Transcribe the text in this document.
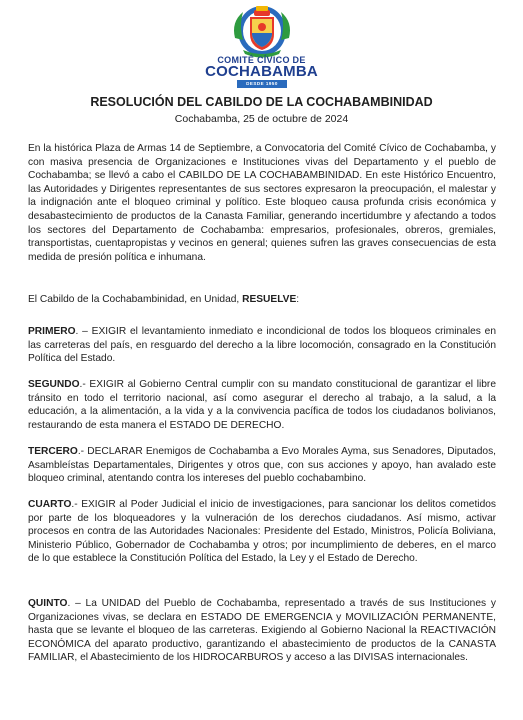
COMITÉ CÍVICO DE
COCHABAMBA
DESDE 1950
RESOLUCIÓN DEL CABILDO DE LA COCHABAMBINIDAD
Cochabamba, 25 de octubre de 2024

En la histórica Plaza de Armas 14 de Septiembre, a Convocatoria del Comité Cívico de Cochabamba, y con masiva presencia de Organizaciones e Instituciones vivas del Departamento y el pueblo de Cochabamba; se llevó a cabo el CABILDO DE LA COCHABAMBINIDAD. En este Histórico Encuentro, las Autoridades y Dirigentes representantes de sus sectores expresaron la preocupación, el malestar y la indignación ante el bloqueo criminal y político. Este bloqueo causa profunda crisis económica y desabastecimiento de productos de la Canasta Familiar, generando incertidumbre y afectando a todos los sectores del Departamento de Cochabamba: empresarios, profesionales, obreros, gremiales, transportistas, cuentapropistas y vecinos en general; quienes sufren las graves consecuencias de esta medida de presión política e inhumana.

El Cabildo de la Cochabambinidad, en Unidad, RESUELVE:

PRIMERO. – EXIGIR el levantamiento inmediato e incondicional de todos los bloqueos criminales en las carreteras del país, en resguardo del derecho a la libre locomoción, consagrado en la Constitución Política del Estado.

SEGUNDO.- EXIGIR al Gobierno Central cumplir con su mandato constitucional de garantizar el libre tránsito en todo el territorio nacional, así como asegurar el derecho al trabajo, a la salud, a la educación, a la alimentación, a la vida y a la convivencia pacífica de todos los ciudadanos bolivianos, restaurando de esta manera el ESTADO DE DERECHO.

TERCERO.- DECLARAR Enemigos de Cochabamba a Evo Morales Ayma, sus Senadores, Diputados, Asambleístas Departamentales, Dirigentes y otros que, con sus acciones y apoyo, han avalado este bloqueo criminal, atentando contra los intereses del pueblo cochabambino.

CUARTO.- EXIGIR al Poder Judicial el inicio de investigaciones, para sancionar los delitos cometidos por parte de los bloqueadores y la vulneración de los derechos ciudadanos. Así mismo, activar procesos en contra de las Autoridades Nacionales: Presidente del Estado, Ministros, Policía Boliviana, Ministerio Público, Gobernador de Cochabamba y otros; por incumplimiento de deberes, en el marco de lo que establece la Constitución Política del Estado, la Ley y el Estado de Derecho.

QUINTO. – La UNIDAD del Pueblo de Cochabamba, representado a través de sus Instituciones y Organizaciones vivas, se declara en ESTADO DE EMERGENCIA y MOVILIZACIÓN PERMANENTE, hasta que se levante el bloqueo de las carreteras. Exigiendo al Gobierno Nacional la REACTIVACIÓN ECONÓMICA del aparato productivo, garantizando el abastecimiento de productos de la CANASTA FAMILIAR, el Abastecimiento de los HIDROCARBUROS y acceso a las DIVISAS internacionales.
